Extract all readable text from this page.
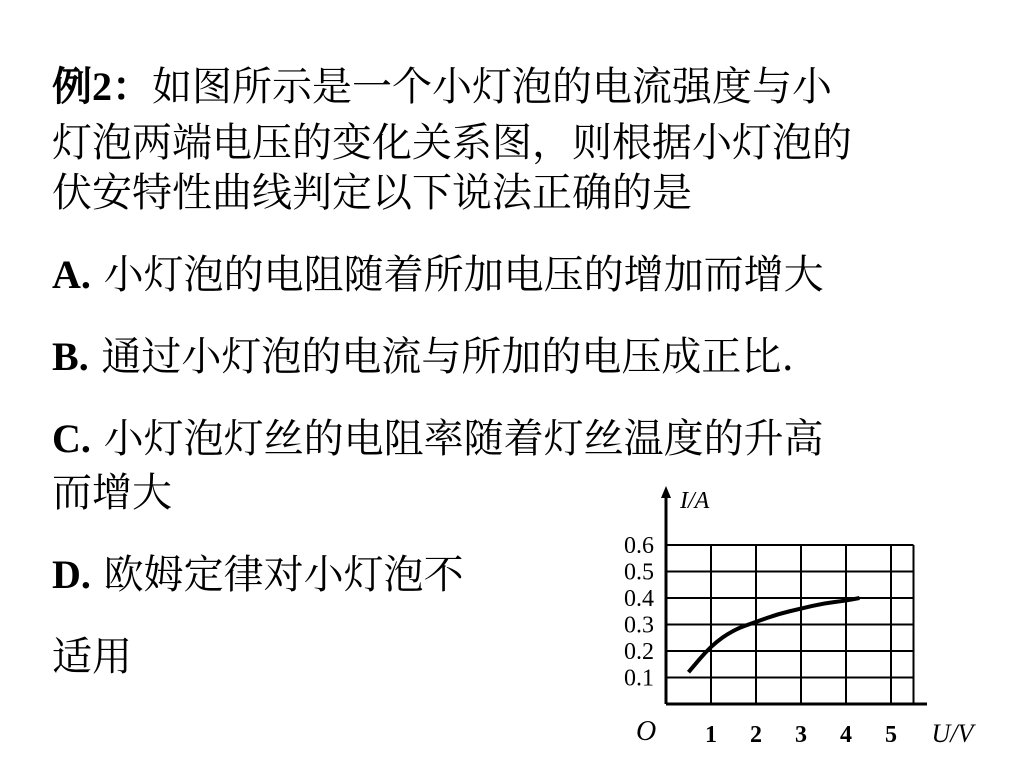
例2：如图所示是一个小灯泡的电流强度与小
灯泡两端电压的变化关系图，则根据小灯泡的
伏安特性曲线判定以下说法正确的是
A. 小灯泡的电阻随着所加电压的增加而增大
B. 通过小灯泡的电流与所加的电压成正比.
C. 小灯泡灯丝的电阻率随着灯丝温度的升高
而增大
D. 欧姆定律对小灯泡不
适用
1 2 3 4 5
0.1
0.2
0.3
0.4
0.5
0.6
I/A
U/V
O
